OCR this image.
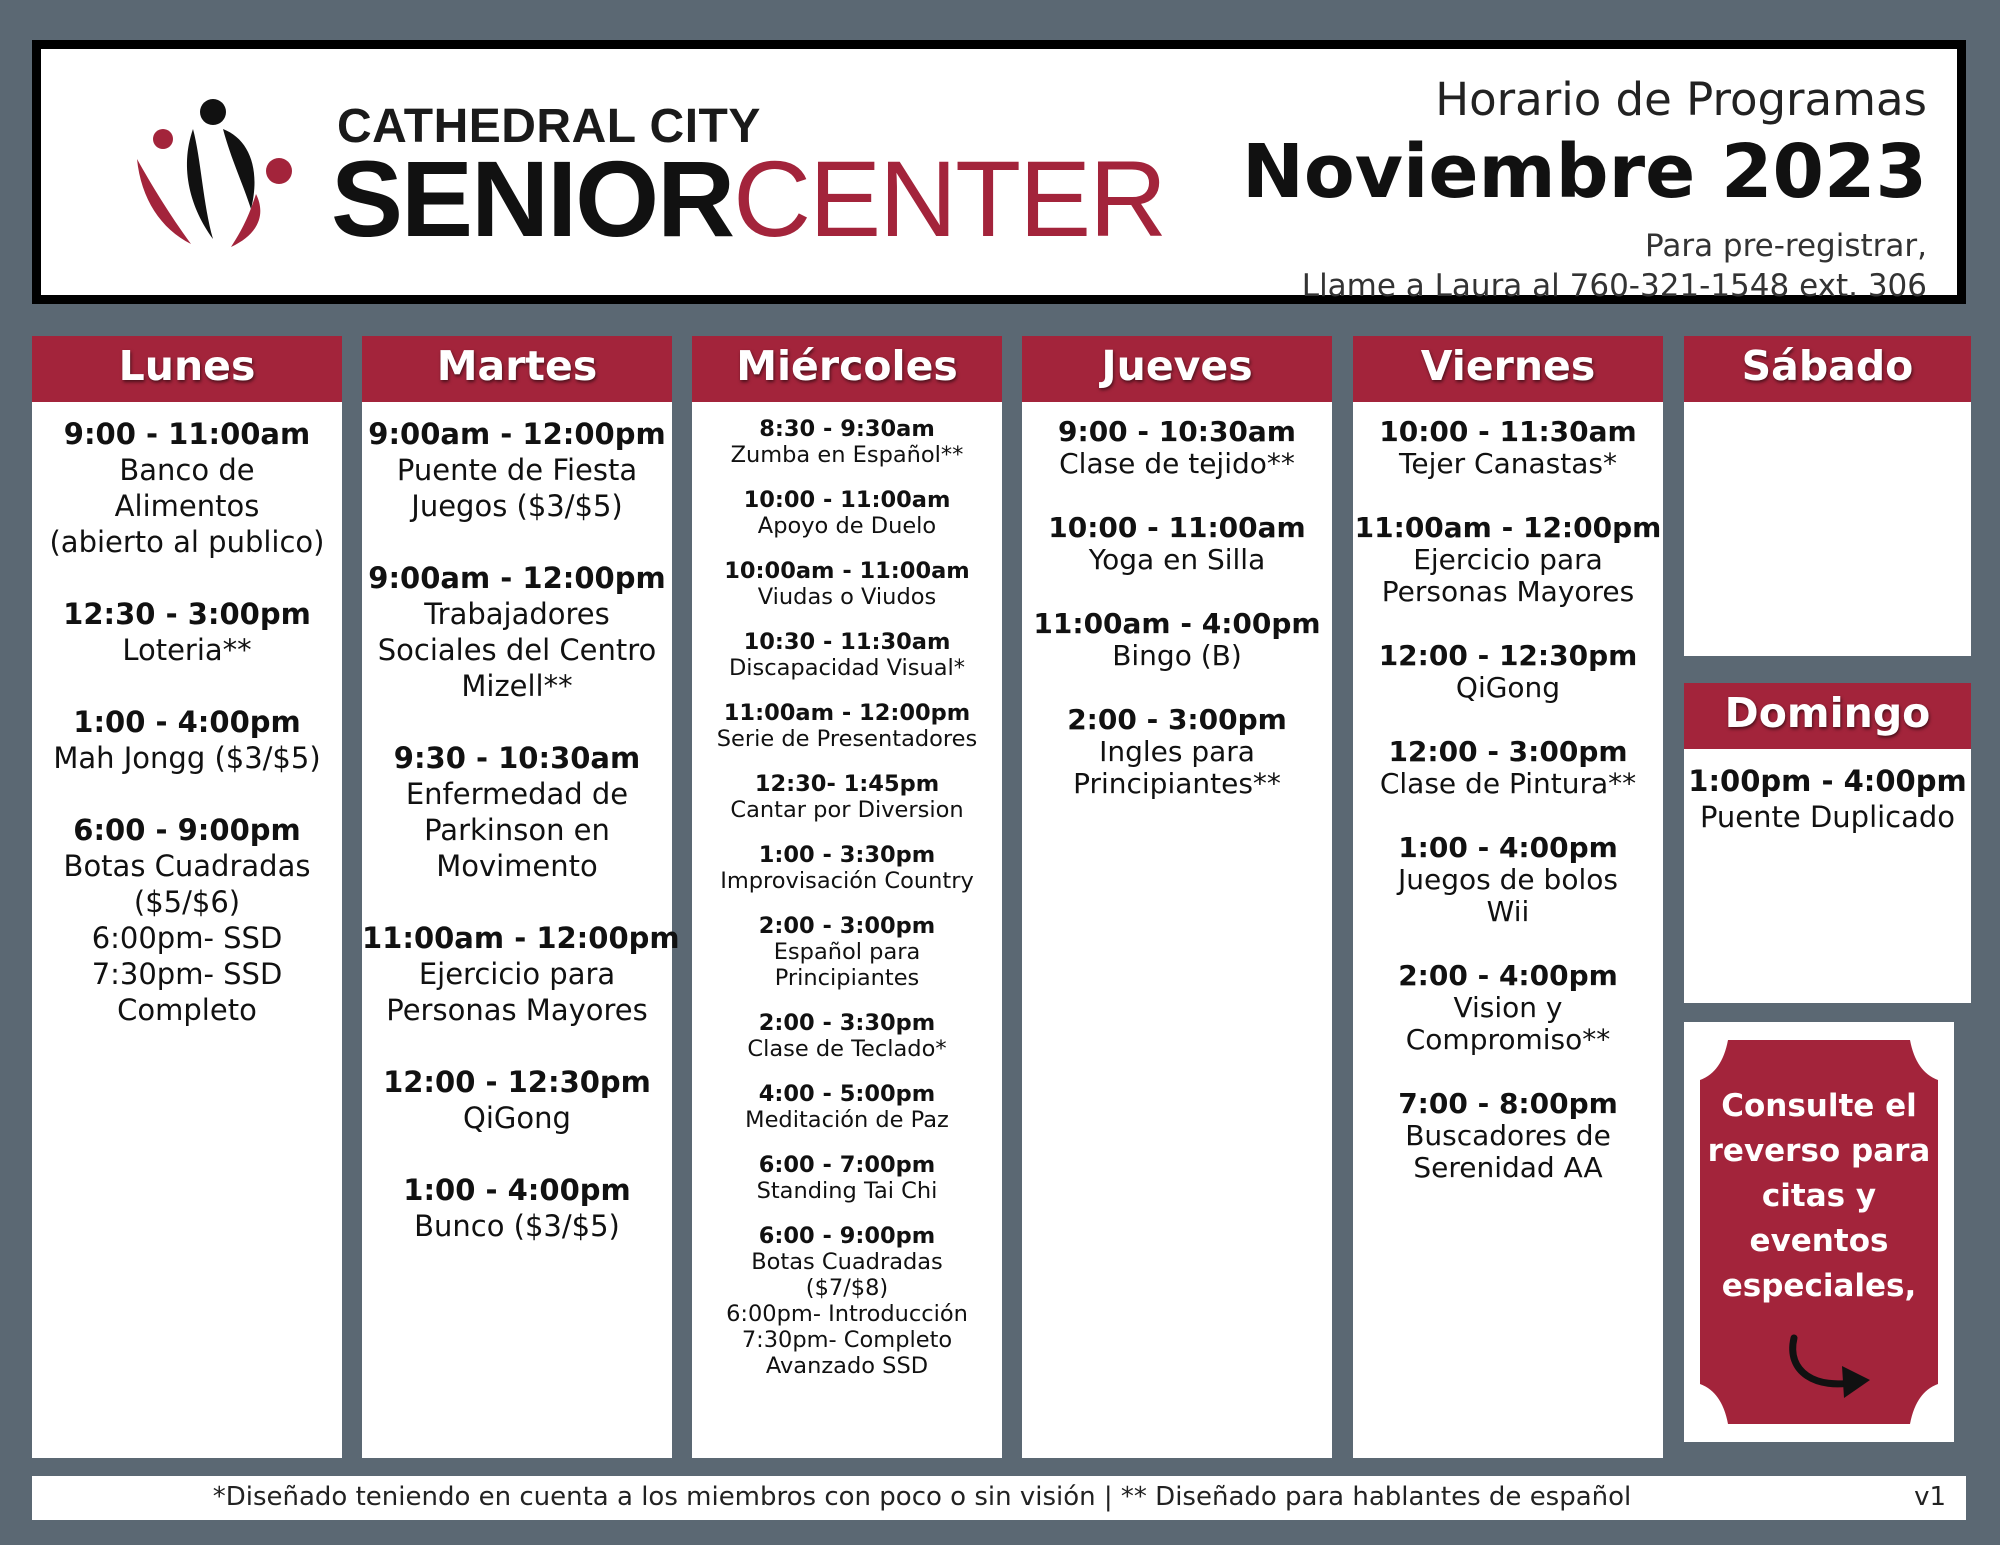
CATHEDRAL CITY
SENIORCENTER
Horario de Programas
Noviembre 2023
Para pre-registrar,
Llame a Laura al 760-321-1548 ext. 306
Lunes
9:00 - 11:00am
Banco de
Alimentos
(abierto al publico)
12:30 - 3:00pm
Loteria**
1:00 - 4:00pm
Mah Jongg ($3/$5)
6:00 - 9:00pm
Botas Cuadradas
($5/$6)
6:00pm- SSD
7:30pm- SSD
Completo
Martes
9:00am - 12:00pm
Puente de Fiesta
Juegos ($3/$5)
9:00am - 12:00pm
Trabajadores
Sociales del Centro
Mizell**
9:30 - 10:30am
Enfermedad de
Parkinson en
Movimento
11:00am - 12:00pm
Ejercicio para
Personas Mayores
12:00 - 12:30pm
QiGong
1:00 - 4:00pm
Bunco ($3/$5)
Miércoles
8:30 - 9:30am
Zumba en Español**
10:00 - 11:00am
Apoyo de Duelo
10:00am - 11:00am
Viudas o Viudos
10:30 - 11:30am
Discapacidad Visual*
11:00am - 12:00pm
Serie de Presentadores
12:30- 1:45pm
Cantar por Diversion
1:00 - 3:30pm
Improvisación Country
2:00 - 3:00pm
Español para
Principiantes
2:00 - 3:30pm
Clase de Teclado*
4:00 - 5:00pm
Meditación de Paz
6:00 - 7:00pm
Standing Tai Chi
6:00 - 9:00pm
Botas Cuadradas
($7/$8)
6:00pm- Introducción
7:30pm- Completo
Avanzado SSD
Jueves
9:00 - 10:30am
Clase de tejido**
10:00 - 11:00am
Yoga en Silla
11:00am - 4:00pm
Bingo (B)
2:00 - 3:00pm
Ingles para
Principiantes**
Viernes
10:00 - 11:30am
Tejer Canastas*
11:00am - 12:00pm
Ejercicio para
Personas Mayores
12:00 - 12:30pm
QiGong
12:00 - 3:00pm
Clase de Pintura**
1:00 - 4:00pm
Juegos de bolos
Wii
2:00 - 4:00pm
Vision y
Compromiso**
7:00 - 8:00pm
Buscadores de
Serenidad AA
Sábado
Domingo
1:00pm - 4:00pm
Puente Duplicado
Consulte el
reverso para
citas y
eventos
especiales,
*Diseñado teniendo en cuenta a los miembros con poco o sin visión | ** Diseñado para hablantes de español	v1
